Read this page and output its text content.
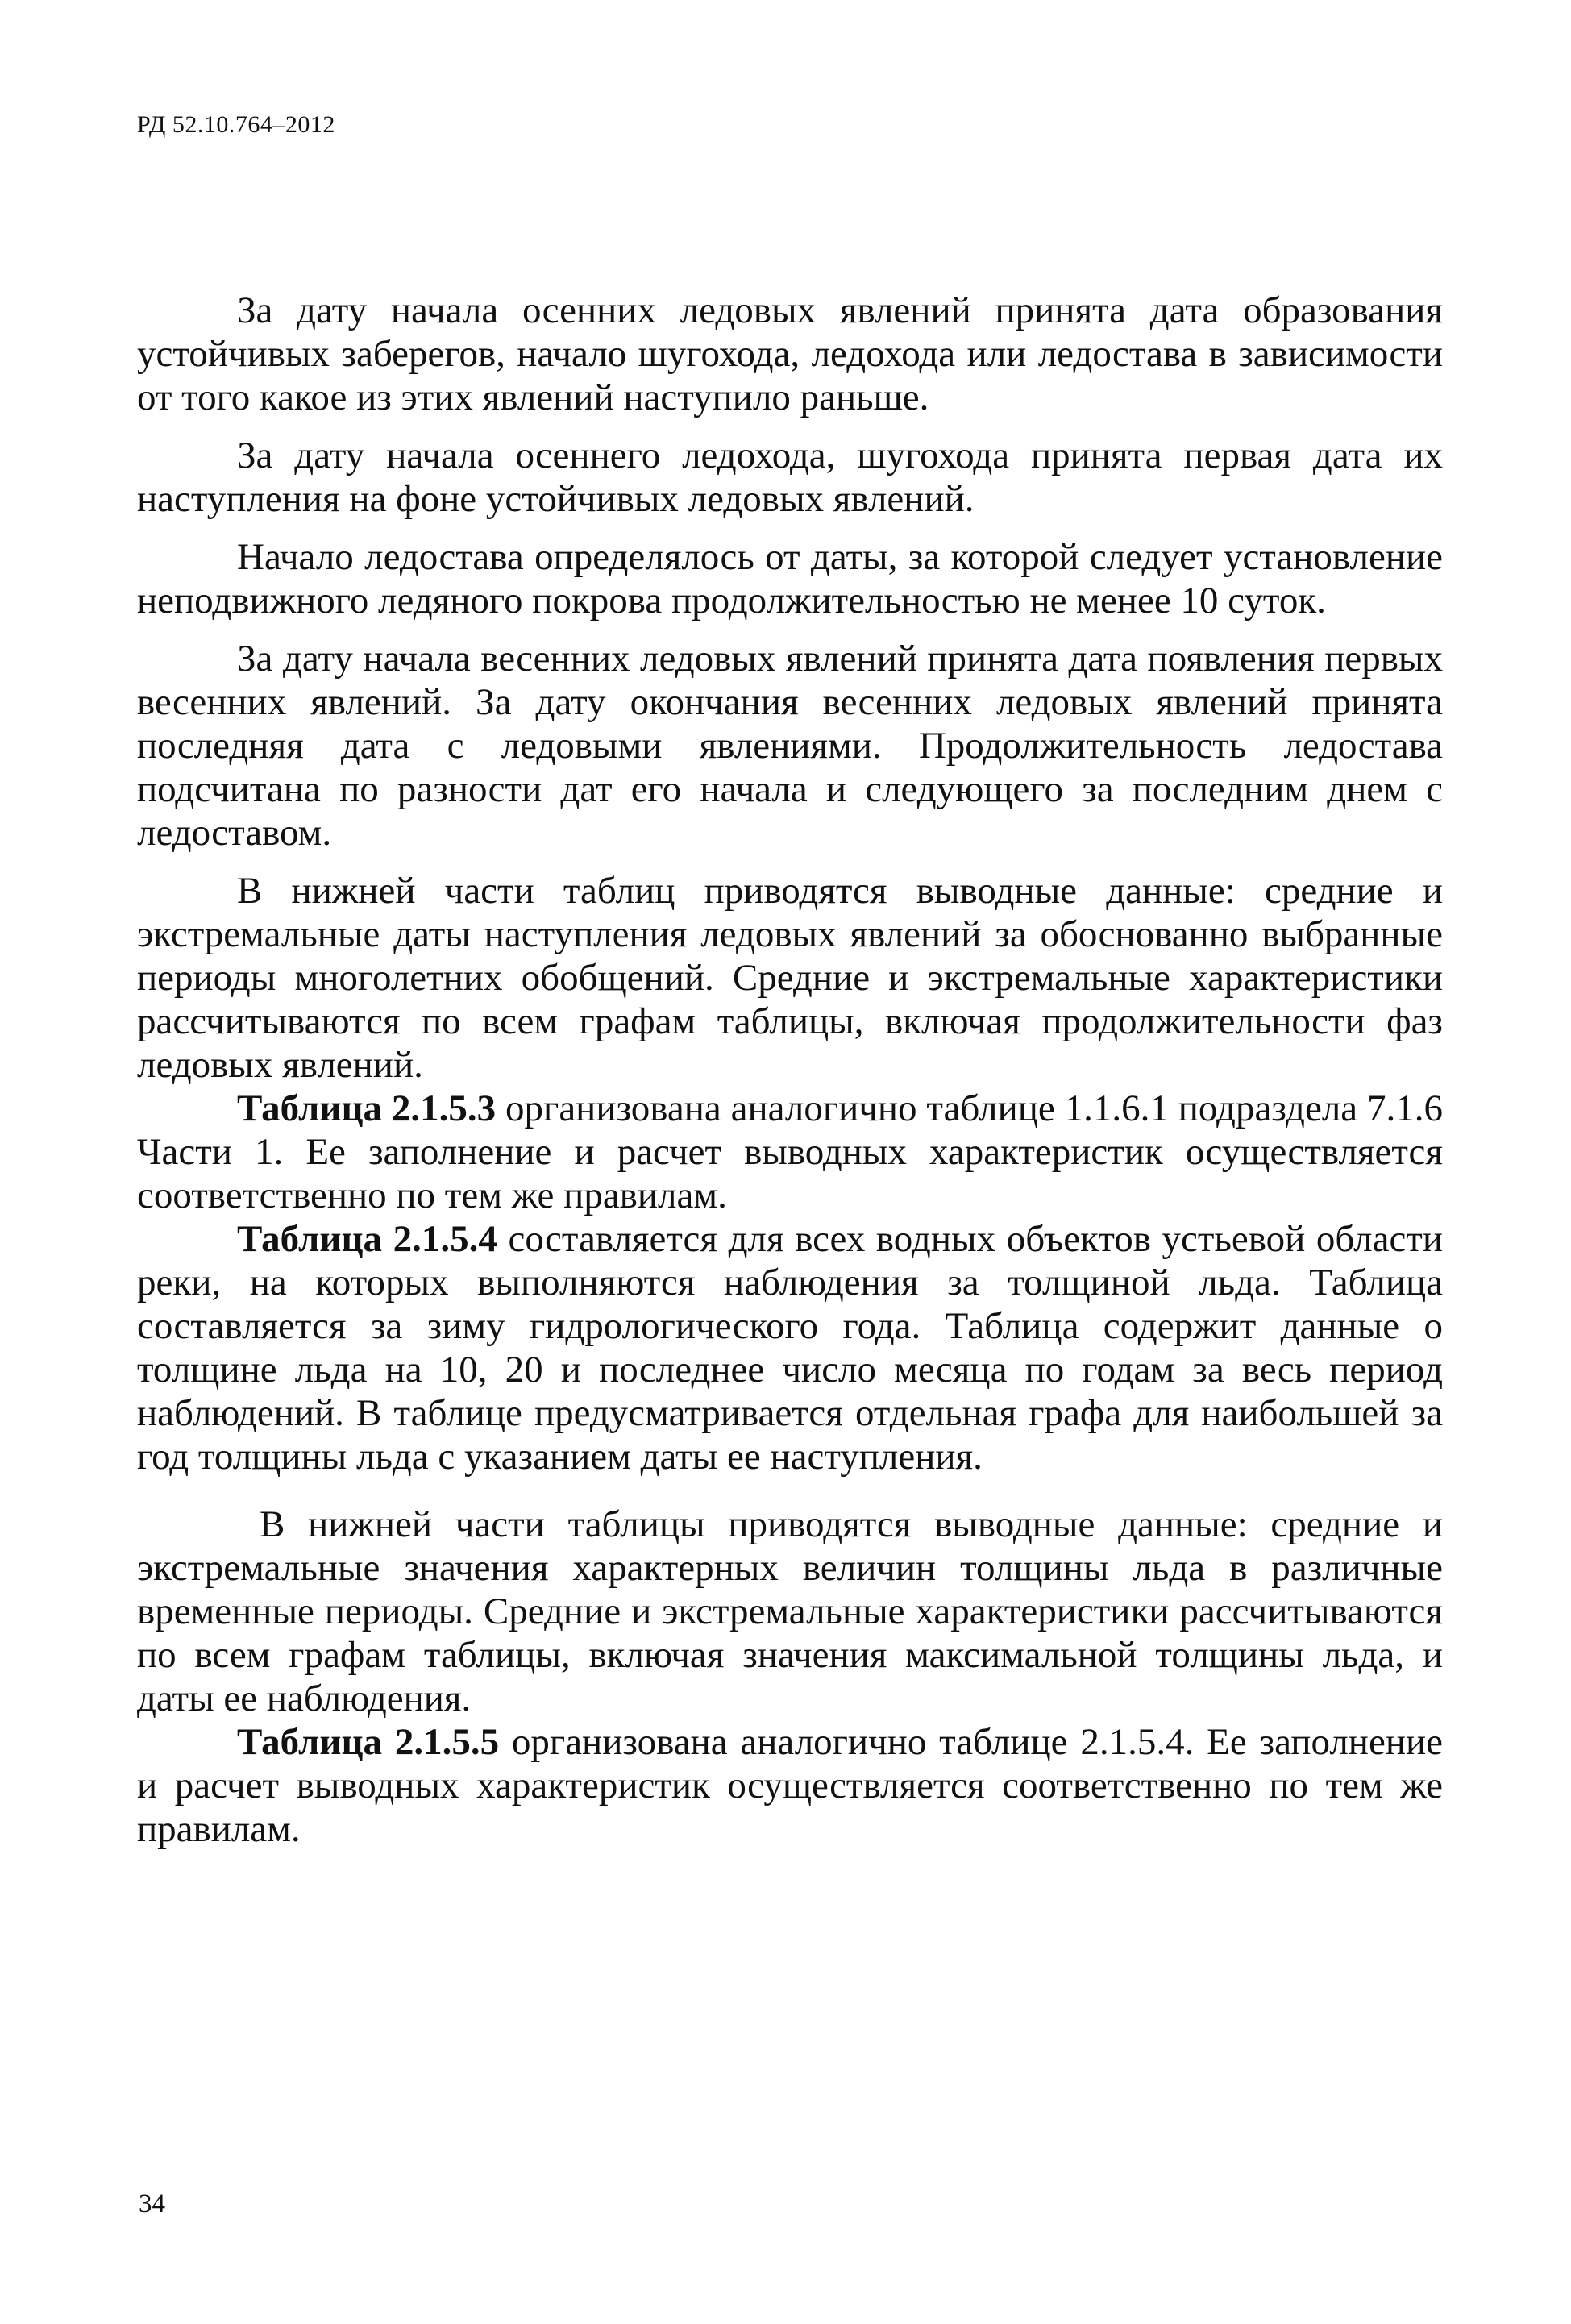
РД 52.10.764–2012

За дату начала осенних ледовых явлений принята дата образования устойчивых заберегов, начало шугохода, ледохода или ледостава в зависимости от того какое из этих явлений наступило раньше.

За дату начала осеннего ледохода, шугохода принята первая дата их наступления на фоне устойчивых ледовых явлений.

Начало ледостава определялось от даты, за которой следует установление неподвижного ледяного покрова продолжительностью не менее 10 суток.

За дату начала весенних ледовых явлений принята дата появления первых весенних явлений. За дату окончания весенних ледовых явлений принята последняя дата с ледовыми явлениями. Продолжительность ледостава подсчитана по разности дат его начала и следующего за последним днем с ледоставом.

В нижней части таблиц приводятся выводные данные: средние и экстремальные даты наступления ледовых явлений за обоснованно выбранные периоды многолетних обобщений. Средние и экстремальные характеристики рассчитываются по всем графам таблицы, включая продолжительности фаз ледовых явлений.

Таблица 2.1.5.3 организована аналогично таблице 1.1.6.1 подраздела 7.1.6 Части 1. Ее заполнение и расчет выводных характеристик осуществляется соответственно по тем же правилам.

Таблица 2.1.5.4 составляется для всех водных объектов устьевой области реки, на которых выполняются наблюдения за толщиной льда. Таблица составляется за зиму гидрологического года. Таблица содержит данные о толщине льда на 10, 20 и последнее число месяца по годам за весь период наблюдений. В таблице предусматривается отдельная графа для наибольшей за год толщины льда с указанием даты ее наступления.

В нижней части таблицы приводятся выводные данные: средние и экстремальные значения характерных величин толщины льда в различные временные периоды. Средние и экстремальные характеристики рассчитываются по всем графам таблицы, включая значения максимальной толщины льда, и даты ее наблюдения.

Таблица 2.1.5.5 организована аналогично таблице 2.1.5.4. Ее заполнение и расчет выводных характеристик осуществляется соответственно по тем же правилам.

34
